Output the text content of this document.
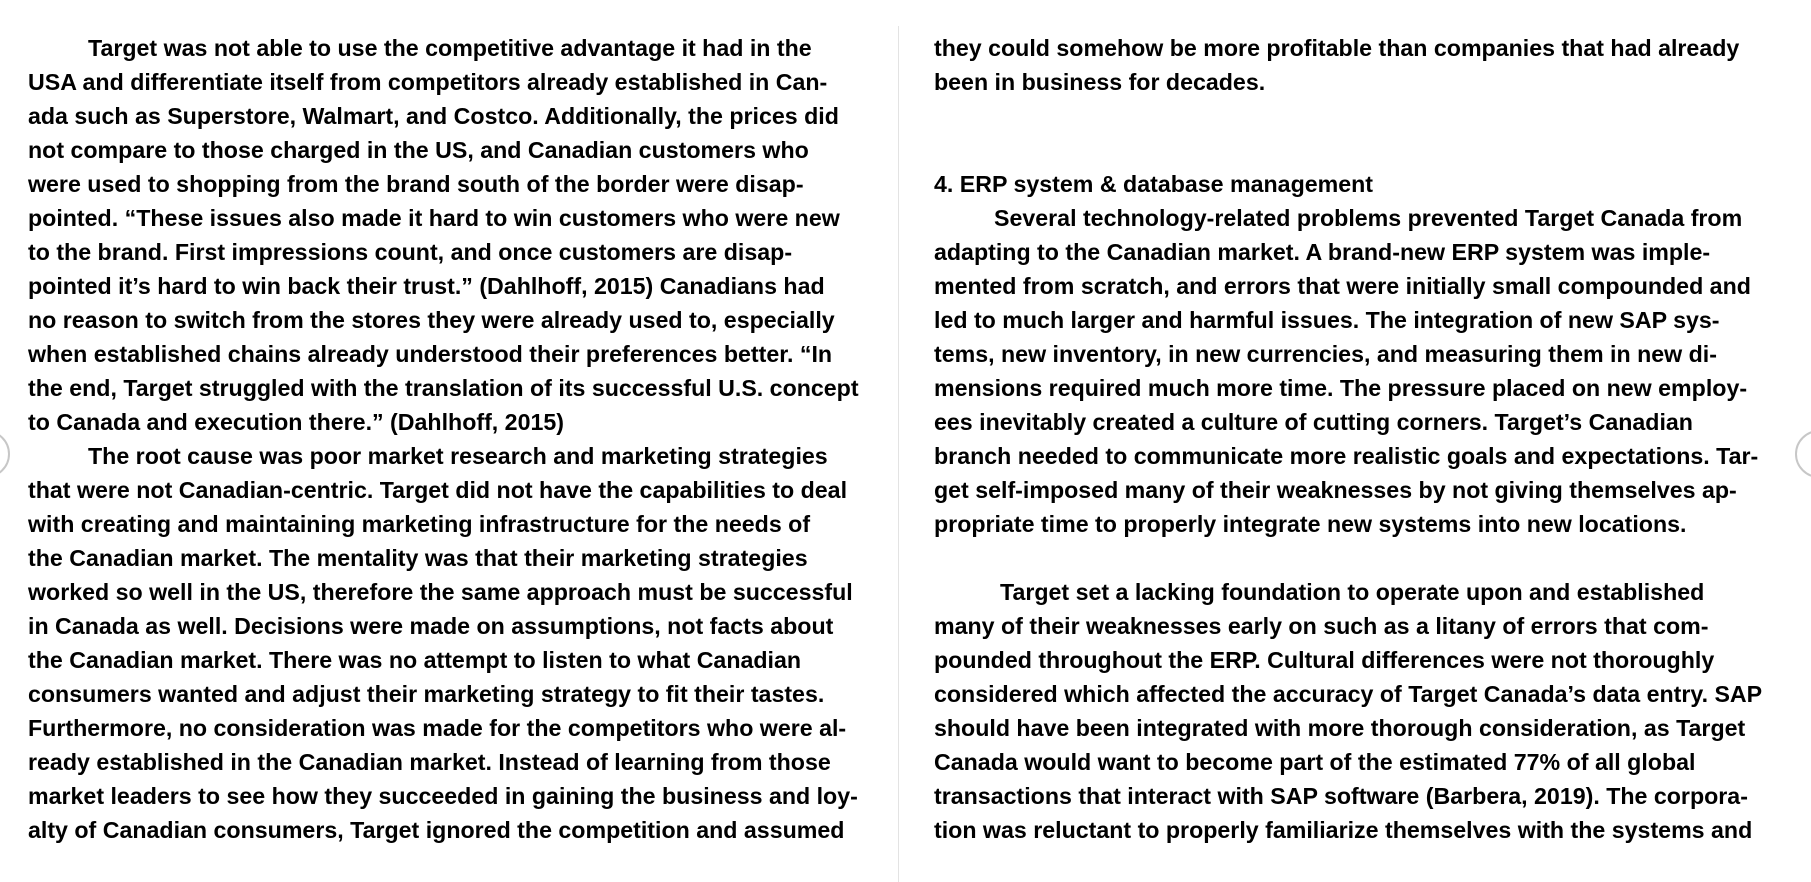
Target was not able to use the competitive advantage it had in the
USA and differentiate itself from competitors already established in Can-
ada such as Superstore, Walmart, and Costco. Additionally, the prices did
not compare to those charged in the US, and Canadian customers who
were used to shopping from the brand south of the border were disap-
pointed. “These issues also made it hard to win customers who were new
to the brand. First impressions count, and once customers are disap-
pointed it’s hard to win back their trust.” (Dahlhoff, 2015) Canadians had
no reason to switch from the stores they were already used to, especially
when established chains already understood their preferences better. “In
the end, Target struggled with the translation of its successful U.S. concept
to Canada and execution there.” (Dahlhoff, 2015)
The root cause was poor market research and marketing strategies
that were not Canadian-centric. Target did not have the capabilities to deal
with creating and maintaining marketing infrastructure for the needs of
the Canadian market. The mentality was that their marketing strategies
worked so well in the US, therefore the same approach must be successful
in Canada as well. Decisions were made on assumptions, not facts about
the Canadian market. There was no attempt to listen to what Canadian
consumers wanted and adjust their marketing strategy to fit their tastes.
Furthermore, no consideration was made for the competitors who were al-
ready established in the Canadian market. Instead of learning from those
market leaders to see how they succeeded in gaining the business and loy-
alty of Canadian consumers, Target ignored the competition and assumed
they could somehow be more profitable than companies that had already
been in business for decades.
4. ERP system & database management
Several technology-related problems prevented Target Canada from
adapting to the Canadian market. A brand-new ERP system was imple-
mented from scratch, and errors that were initially small compounded and
led to much larger and harmful issues. The integration of new SAP sys-
tems, new inventory, in new currencies, and measuring them in new di-
mensions required much more time. The pressure placed on new employ-
ees inevitably created a culture of cutting corners. Target’s Canadian
branch needed to communicate more realistic goals and expectations. Tar-
get self-imposed many of their weaknesses by not giving themselves ap-
propriate time to properly integrate new systems into new locations.
Target set a lacking foundation to operate upon and established
many of their weaknesses early on such as a litany of errors that com-
pounded throughout the ERP. Cultural differences were not thoroughly
considered which affected the accuracy of Target Canada’s data entry. SAP
should have been integrated with more thorough consideration, as Target
Canada would want to become part of the estimated 77% of all global
transactions that interact with SAP software (Barbera, 2019). The corpora-
tion was reluctant to properly familiarize themselves with the systems and
